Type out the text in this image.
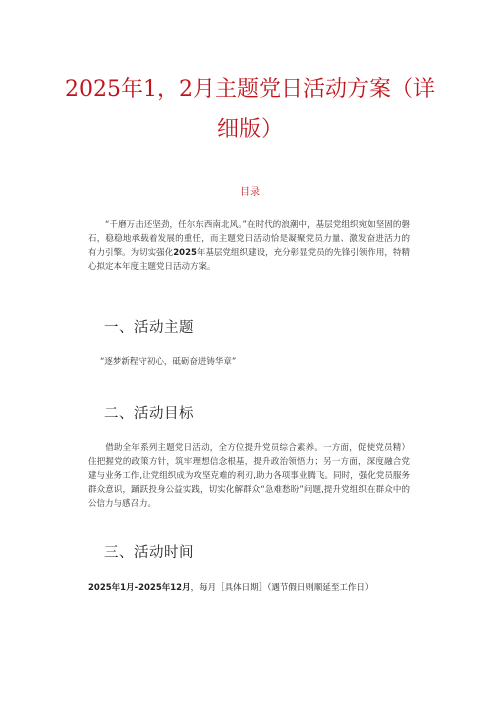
2025年1，2月主题党日活动方案（详
细版）
目录
“千磨万击还坚劲，任尔东西南北风。”在时代的浪潮中，基层党组织宛如坚固的磐石，稳稳地承载着发展的重任，而主题党日活动恰是凝聚党员力量、激发奋进活力的有力引擎。为切实强化2025年基层党组织建设，充分彰显党员的先锋引领作用，特精心拟定本年度主题党日活动方案。
一、活动主题
“逐梦新程守初心，砥砺奋进铸华章”
二、活动目标
借助全年系列主题党日活动，全方位提升党员综合素养。一方面，促使党员精）住把握党的政策方针，筑牢理想信念根基，提升政治领悟力；另一方面，深度融合党建与业务工作,让党组织成为攻坚克难的利刃,助力各项事业腾飞。同时，强化党员服务群众意识，踊跃投身公益实践，切实化解群众“急难愁盼”问题,提升党组织在群众中的公信力与感召力。
三、活动时间
2025年1月-2025年12月，每月［具体日期］（遇节假日则顺延至工作日）
